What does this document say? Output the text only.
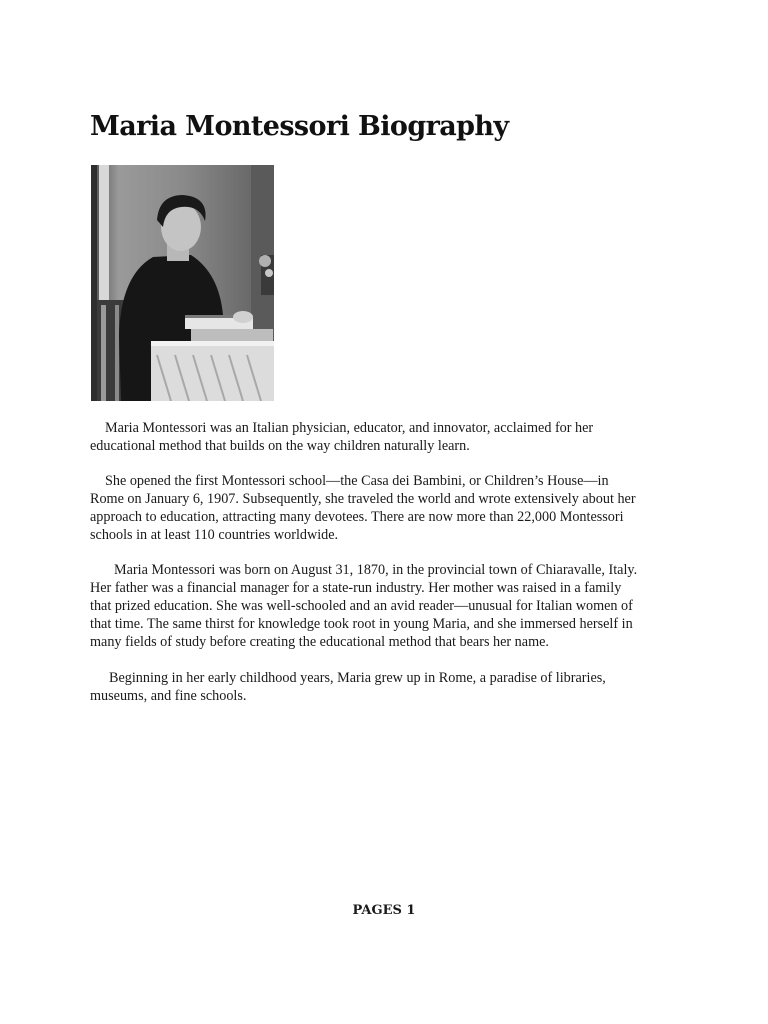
Maria Montessori Biography

Maria Montessori was an Italian physician, educator, and innovator, acclaimed for her

educational method that builds on the way children naturally learn.

She opened the first Montessori school—the Casa dei Bambini, or Children’s House—in

Rome on January 6, 1907. Subsequently, she traveled the world and wrote extensively about her

approach to education, attracting many devotees. There are now more than 22,000 Montessori

schools in at least 110 countries worldwide.

Maria Montessori was born on August 31, 1870, in the provincial town of Chiaravalle, Italy.

Her father was a financial manager for a state-run industry. Her mother was raised in a family

that prized education. She was well-schooled and an avid reader—unusual for Italian women of

that time. The same thirst for knowledge took root in young Maria, and she immersed herself in

many fields of study before creating the educational method that bears her name.

Beginning in her early childhood years, Maria grew up in Rome, a paradise of libraries,

museums, and fine schools.

PAGES 1
